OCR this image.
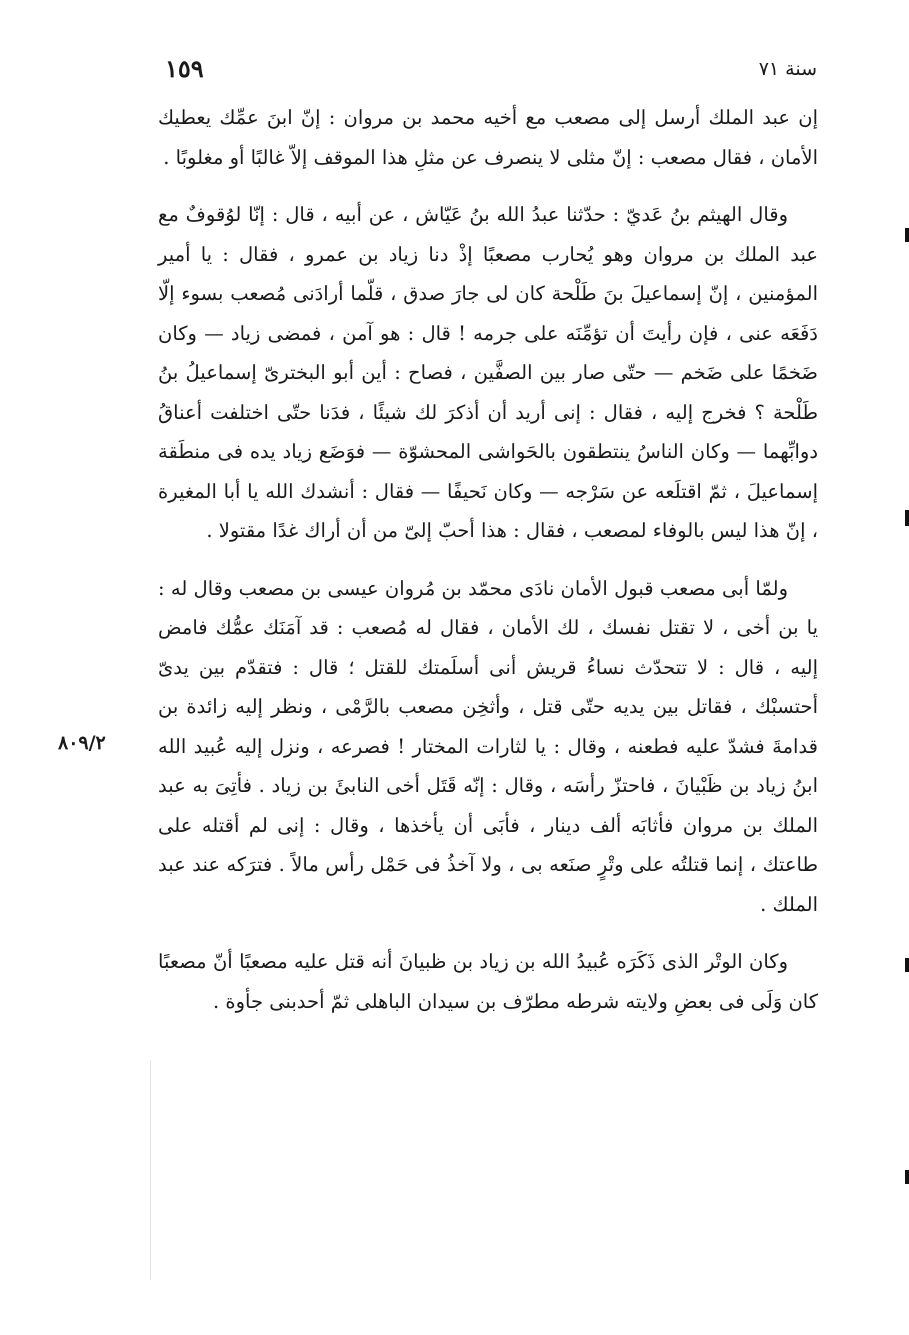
سنة ٧١
١٥٩
٨٠٩/٢

إن عبد الملك أرسل إلى مصعب مع أخيه محمد بن مروان : إنّ ابنَ عمِّك يعطيك الأمان ، فقال مصعب : إنّ مثلى لا ينصرف عن مثلِ هذا الموقف إلاّ غالبًا أو مغلوبًا .

وقال الهيثم بنُ عَديّ : حدّثنا عبدُ الله بنُ عَيّاش ، عن أبيه ، قال : إنّا لوُقوفٌ مع عبد الملك بن مروان وهو يُحارب مصعبًا إذْ دنا زياد بن عمرو ، فقال : يا أمير المؤمنين ، إنّ إسماعيلَ بنَ طَلْحة كان لى جارَ صدق ، قلّما أرادَنى مُصعب بسوء إلّا دَفَعَه عنى ، فإن رأيتَ أن تؤمِّنَه على جرمه ! قال : هو آمن ، فمضى زياد — وكان ضَخمًا على ضَخم — حتّى صار بين الصفَّين ، فصاح : أين أبو البخترىّ إسماعيلُ بنُ طَلْحة ؟ فخرج إليه ، فقال : إنى أريد أن أذكرَ لك شيئًا ، فدَنا حتّى اختلفت أعناقُ دوابِّهما — وكان الناسُ ينتطقون بالحَواشى المحشوّة — فوَضَع زياد يده فى منطَقة إسماعيلَ ، ثمّ اقتلَعه عن سَرْجه — وكان نَحيفًا — فقال : أنشدك الله يا أبا المغيرة ، إنّ هذا ليس بالوفاء لمصعب ، فقال : هذا أحبّ إلىّ من أن أراك غدًا مقتولا .

ولمّا أبى مصعب قبول الأمان نادَى محمّد بن مُروان عيسى بن مصعب وقال له : يا بن أخى ، لا تقتل نفسك ، لك الأمان ، فقال له مُصعب : قد آمَنَك عمُّك فامض إليه ، قال : لا تتحدّث نساءُ قريش أنى أسلَمتك للقتل ؛ قال : فتقدّم بين يدىّ أحتسبْك ، فقاتل بين يديه حتّى قتل ، وأثخِن مصعب بالرَّمْى ، ونظر إليه زائدة بن قدامةَ فشدّ عليه فطعنه ، وقال : يا لثارات المختار ! فصرعه ، ونزل إليه عُبيد الله ابنُ زياد بن ظَبْيانَ ، فاحتزّ رأسَه ، وقال : إنّه قَتَل أخى النابئَ بن زياد . فأتِىَ به عبد الملك بن مروان فأثابَه ألف دينار ، فأبَى أن يأخذها ، وقال : إنى لم أقتله على طاعتك ، إنما قتلتُه على وتْرٍ صنَعه بى ، ولا آخذُ فى حَمْل رأس مالاً . فترَكه عند عبد الملك .

وكان الوتْر الذى ذَكَرَه عُبيدُ الله بن زياد بن ظبيانَ أنه قتل عليه مصعبًا أنّ مصعبًا كان وَلَى فى بعضِ ولايته شرطه مطرّف بن سيدان الباهلى ثمّ أحدبنى جأوة .
